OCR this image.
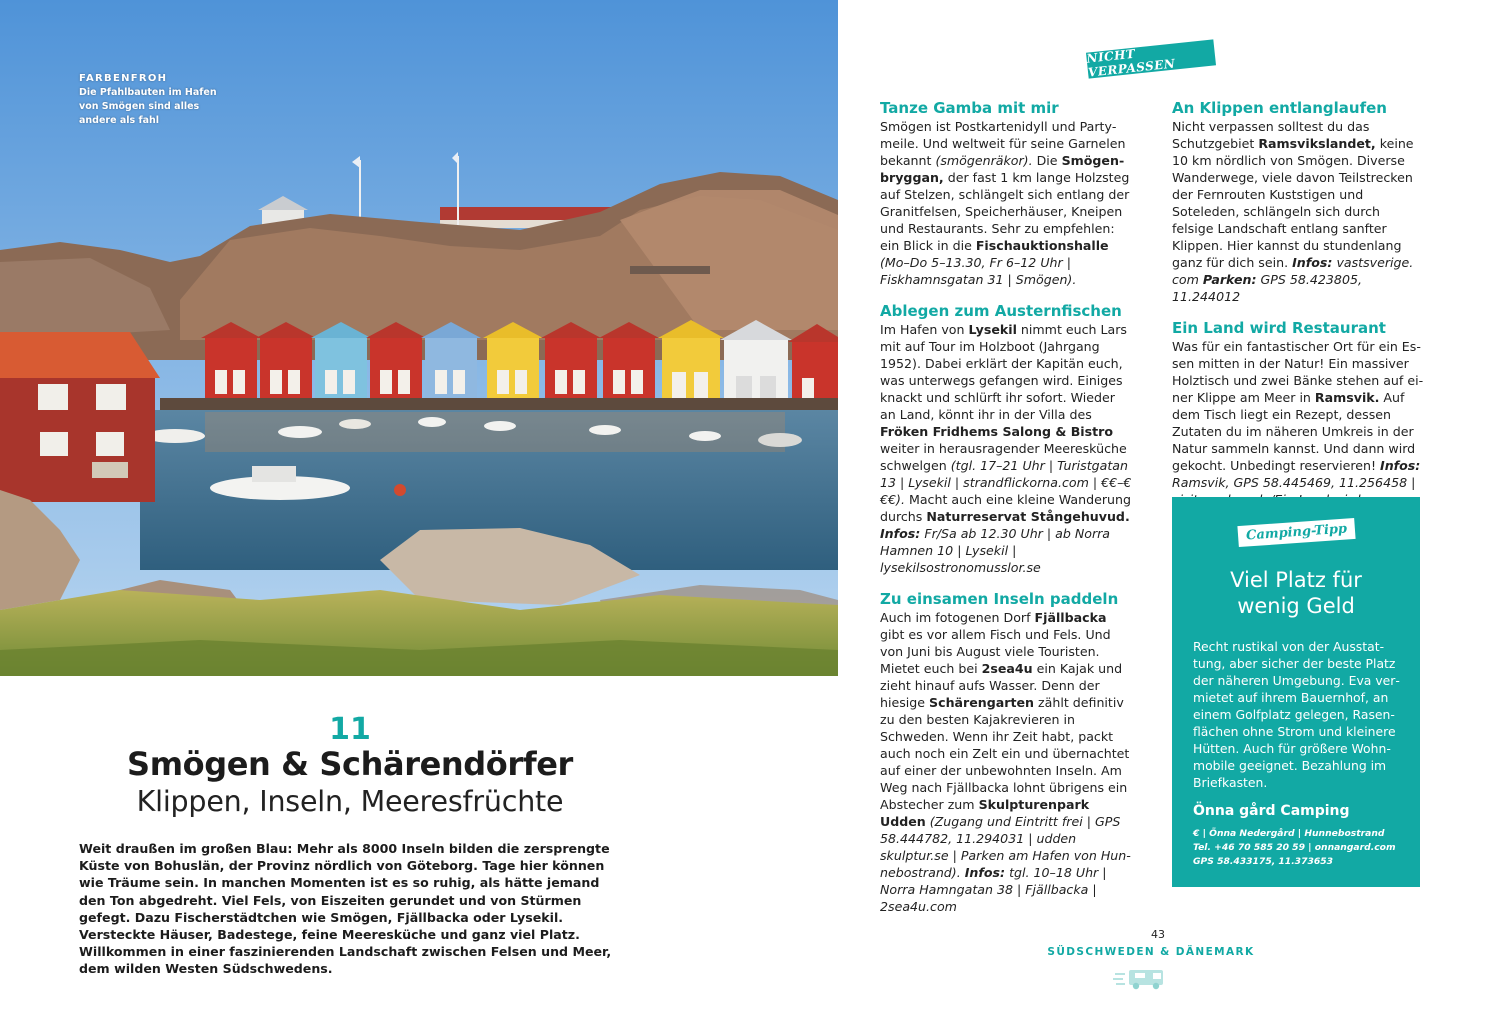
FARBENFROH
Die Pfahlbauten im Hafen von Smögen sind alles andere als fahl
11
Smögen & Schärendörfer
Klippen, Inseln, Meeresfrüchte
Weit draußen im großen Blau: Mehr als 8000 Inseln bilden die zersprengte Küste von Bohuslän, der Provinz nördlich von Göteborg. Tage hier können wie Träume sein. In manchen Momenten ist es so ruhig, als hätte jemand den Ton abgedreht. Viel Fels, von Eiszeiten gerundet und von Stürmen gefegt. Dazu Fischerstädtchen wie Smögen, Fjällbacka oder Lysekil. Versteckte Häuser, Badestege, feine Meeresküche und ganz viel Platz. Willkommen in einer faszinierenden Landschaft zwischen Felsen und Meer, dem wilden Westen Südschwedens.
NICHT VERPASSEN
Tanze Gamba mit mir

Smögen ist Postkartenidyll und Partymeile. Und weltweit für seine Garnelen bekannt (smögenräkor). Die Smögenbryggan, der fast 1 km lange Holzsteg auf Stelzen, schlängelt sich entlang der Granitfelsen, Speicherhäuser, Kneipen und Restaurants. Sehr zu empfehlen: ein Blick in die Fischauktionshalle (Mo–Do 5–13.30, Fr 6–12 Uhr | Fiskhamnsgatan 31 | Smögen).

Ablegen zum Austernfischen

Im Hafen von Lysekil nimmt euch Lars mit auf Tour im Holzboot (Jahrgang 1952). Dabei erklärt der Kapitän euch, was unterwegs gefangen wird. Einiges knackt und schlürft ihr sofort. Wieder an Land, könnt ihr in der Villa des Fröken Fridhems Salong & Bistro weiter in herausragender Meeresküche schwelgen (tgl. 17–21 Uhr | Turistgatan 13 | Lysekil | strandflickorna.com | €€–€€€). Macht auch eine kleine Wanderung durchs Naturreservat Stångehuvud. Infos: Fr/Sa ab 12.30 Uhr | ab Norra Hamnen 10 | Lysekil | lysekilsostronomusslor.se

Zu einsamen Inseln paddeln

Auch im fotogenen Dorf Fjällbacka gibt es vor allem Fisch und Fels. Und von Juni bis August viele Touristen. Mietet euch bei 2sea4u ein Kajak und zieht hinauf aufs Wasser. Denn der hiesige Schärengarten zählt definitiv zu den besten Kajakrevieren in Schweden. Wenn ihr Zeit habt, packt auch noch ein Zelt ein und übernachtet auf einer der unbewohnten Inseln. Am Weg nach Fjällbacka lohnt übrigens ein Abstecher zum Skulpturenpark Udden (Zugang und Eintritt frei | GPS 58.444782, 11.294031 | udden skulptur.se | Parken am Hafen von Hunnebostrand). Infos: tgl. 10–18 Uhr | Norra Hamngatan 38 | Fjällbacka | 2sea4u.com

An Klippen entlanglaufen

Nicht verpassen solltest du das Schutzgebiet Ramsvikslandet, keine 10 km nördlich von Smögen. Diverse Wanderwege, viele davon Teilstrecken der Fernrouten Kuststigen und Soteleden, schlängeln sich durch felsige Landschaft entlang sanfter Klippen. Hier kannst du stundenlang ganz für dich sein. Infos: vastsverige. com Parken: GPS 58.423805, 11.244012

Ein Land wird Restaurant

Was für ein fantastischer Ort für ein Essen mitten in der Natur! Ein massiver Holztisch und zwei Bänke stehen auf einer Klippe am Meer in Ramsvik. Auf dem Tisch liegt ein Rezept, dessen Zutaten du im näheren Umkreis in der Natur sammeln kannst. Und dann wird gekocht. Unbedingt reservieren! Infos: Ramsvik, GPS 58.445469, 11.256458 |

Camping-Tipp
Viel Platz für
wenig Geld
Recht rustikal von der Ausstattung, aber sicher der beste Platz der näheren Umgebung. Eva vermietet auf ihrem Bauernhof, an einem Golfplatz gelegen, Rasenflächen ohne Strom und kleinere Hütten. Auch für größere Wohnmobile geeignet. Bezahlung im Briefkasten.
Önna gård Camping
€ | Önna Nedergård | Hunnebostrand
Tel. +46 70 585 20 59 | onnangard.com
GPS 58.433175, 11.373653
43
SÜDSCHWEDEN & DÄNEMARK
